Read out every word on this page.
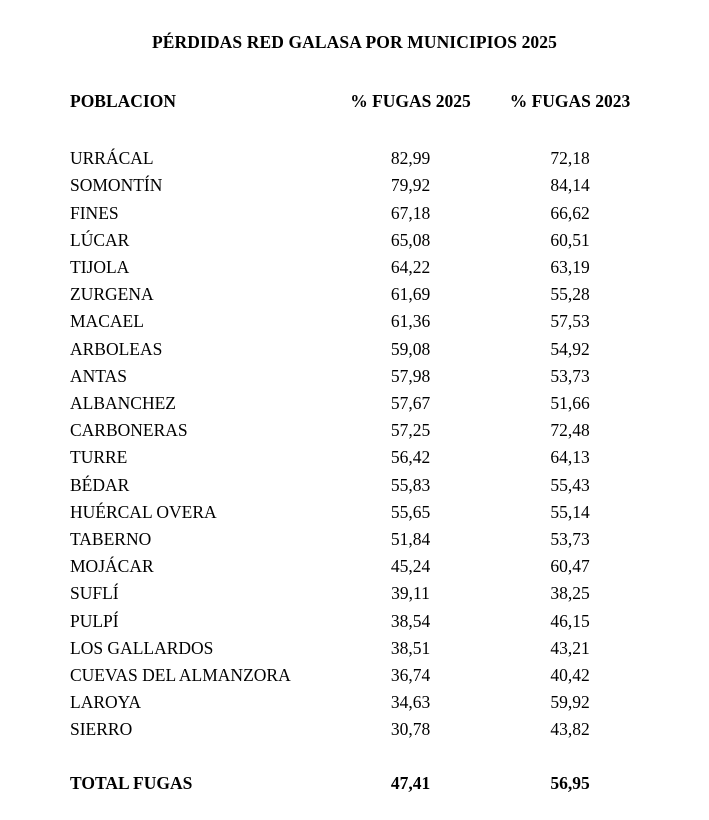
PÉRDIDAS RED GALASA POR MUNICIPIOS 2025
POBLACION	% FUGAS 2025	% FUGAS 2023

URRÁCAL	82,99	72,18
SOMONTÍN	79,92	84,14
FINES	67,18	66,62
LÚCAR	65,08	60,51
TIJOLA	64,22	63,19
ZURGENA	61,69	55,28
MACAEL	61,36	57,53
ARBOLEAS	59,08	54,92
ANTAS	57,98	53,73
ALBANCHEZ	57,67	51,66
CARBONERAS	57,25	72,48
TURRE	56,42	64,13
BÉDAR	55,83	55,43
HUÉRCAL OVERA	55,65	55,14
TABERNO	51,84	53,73
MOJÁCAR	45,24	60,47
SUFLÍ	39,11	38,25
PULPÍ	38,54	46,15
LOS GALLARDOS	38,51	43,21
CUEVAS DEL ALMANZORA	36,74	40,42
LAROYA	34,63	59,92
SIERRO	30,78	43,82

TOTAL FUGAS	47,41	56,95
